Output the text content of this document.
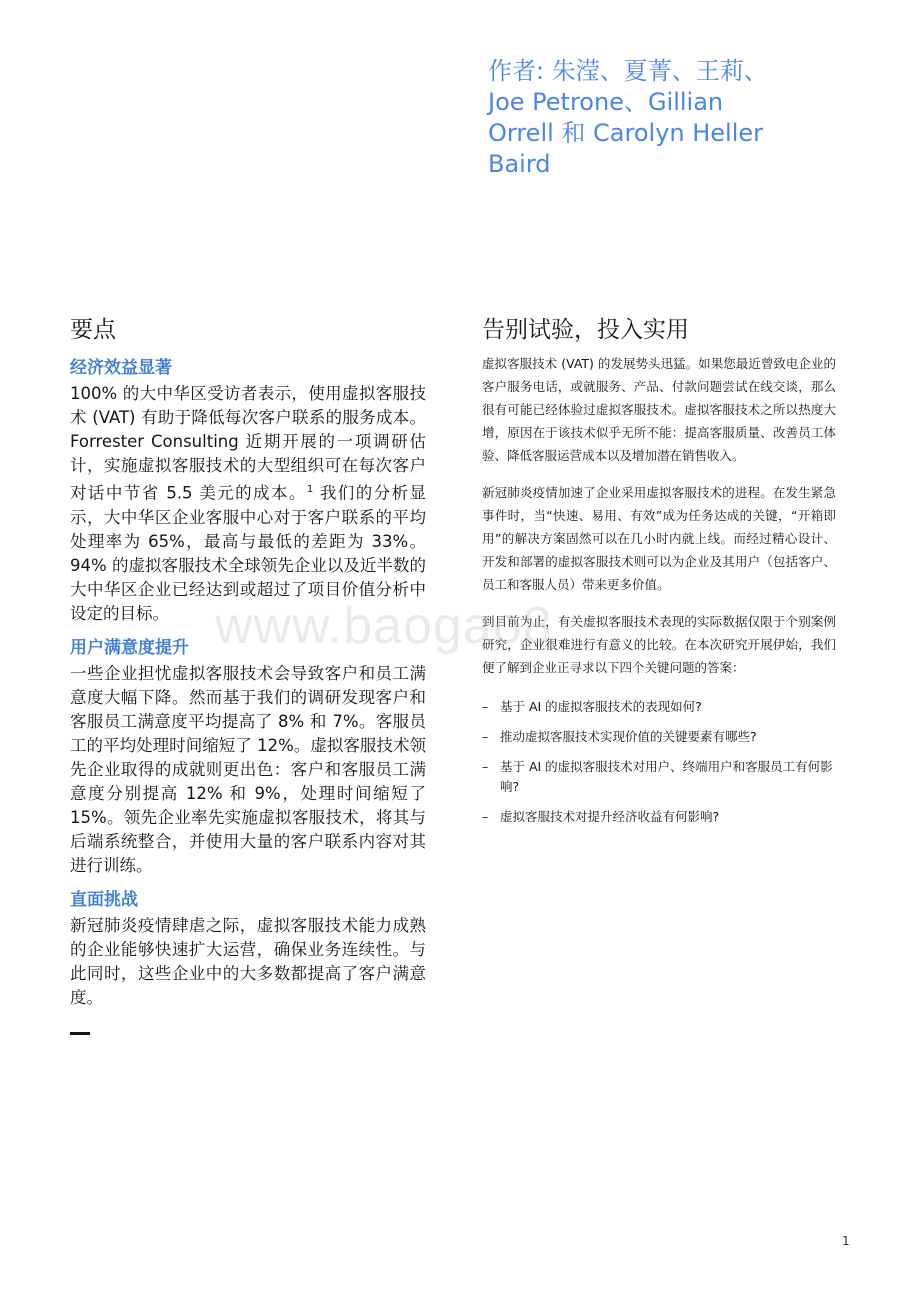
作者: 朱滢、夏菁、王莉、
Joe Petrone、Gillian
Orrell 和 Carolyn Heller
Baird
要点	告别试验，投入实用
经济效益显著

100% 的大中华区受访者表示，使用虚拟客服技术 (VAT) 有助于降低每次客户联系的服务成本。Forrester Consulting 近期开展的一项调研估计，实施虚拟客服技术的大型组织可在每次客户对话中节省 5.5 美元的成本。$^1$ 我们的分析显示，大中华区企业客服中心对于客户联系的平均处理率为 65%，最高与最低的差距为 33%。94% 的虚拟客服技术全球领先企业以及近半数的大中华区企业已经达到或超过了项目价值分析中设定的目标。

用户满意度提升

一些企业担忧虚拟客服技术会导致客户和员工满意度大幅下降。然而基于我们的调研发现客户和客服员工满意度平均提高了 8% 和 7%。客服员工的平均处理时间缩短了 12%。虚拟客服技术领先企业取得的成就则更出色：客户和客服员工满意度分别提高 12% 和 9%，处理时间缩短了 15%。领先企业率先实施虚拟客服技术，将其与后端系统整合，并使用大量的客户联系内容对其进行训练。

直面挑战

新冠肺炎疫情肆虐之际，虚拟客服技术能力成熟的企业能够快速扩大运营，确保业务连续性。与此同时，这些企业中的大多数都提高了客户满意度。

虚拟客服技术 (VAT) 的发展势头迅猛。如果您最近曾致电企业的客户服务电话，或就服务、产品、付款问题尝试在线交谈，那么很有可能已经体验过虚拟客服技术。虚拟客服技术之所以热度大增，原因在于该技术似乎无所不能：提高客服质量、改善员工体验、降低客服运营成本以及增加潜在销售收入。

新冠肺炎疫情加速了企业采用虚拟客服技术的进程。在发生紧急事件时，当“快速、易用、有效”成为任务达成的关键，“开箱即用”的解决方案固然可以在几小时内就上线。而经过精心设计、开发和部署的虚拟客服技术则可以为企业及其用户（包括客户、员工和客服人员）带来更多价值。

到目前为止，有关虚拟客服技术表现的实际数据仅限于个别案例研究，企业很难进行有意义的比较。在本次研究开展伊始，我们便了解到企业正寻求以下四个关键问题的答案：

– 基于 AI 的虚拟客服技术的表现如何?
– 推动虚拟客服技术实现价值的关键要素有哪些?
– 基于 AI 的虚拟客服技术对用户、终端用户和客服员工有何影响?
– 虚拟客服技术对提升经济收益有何影响?
www.baogao8
1
